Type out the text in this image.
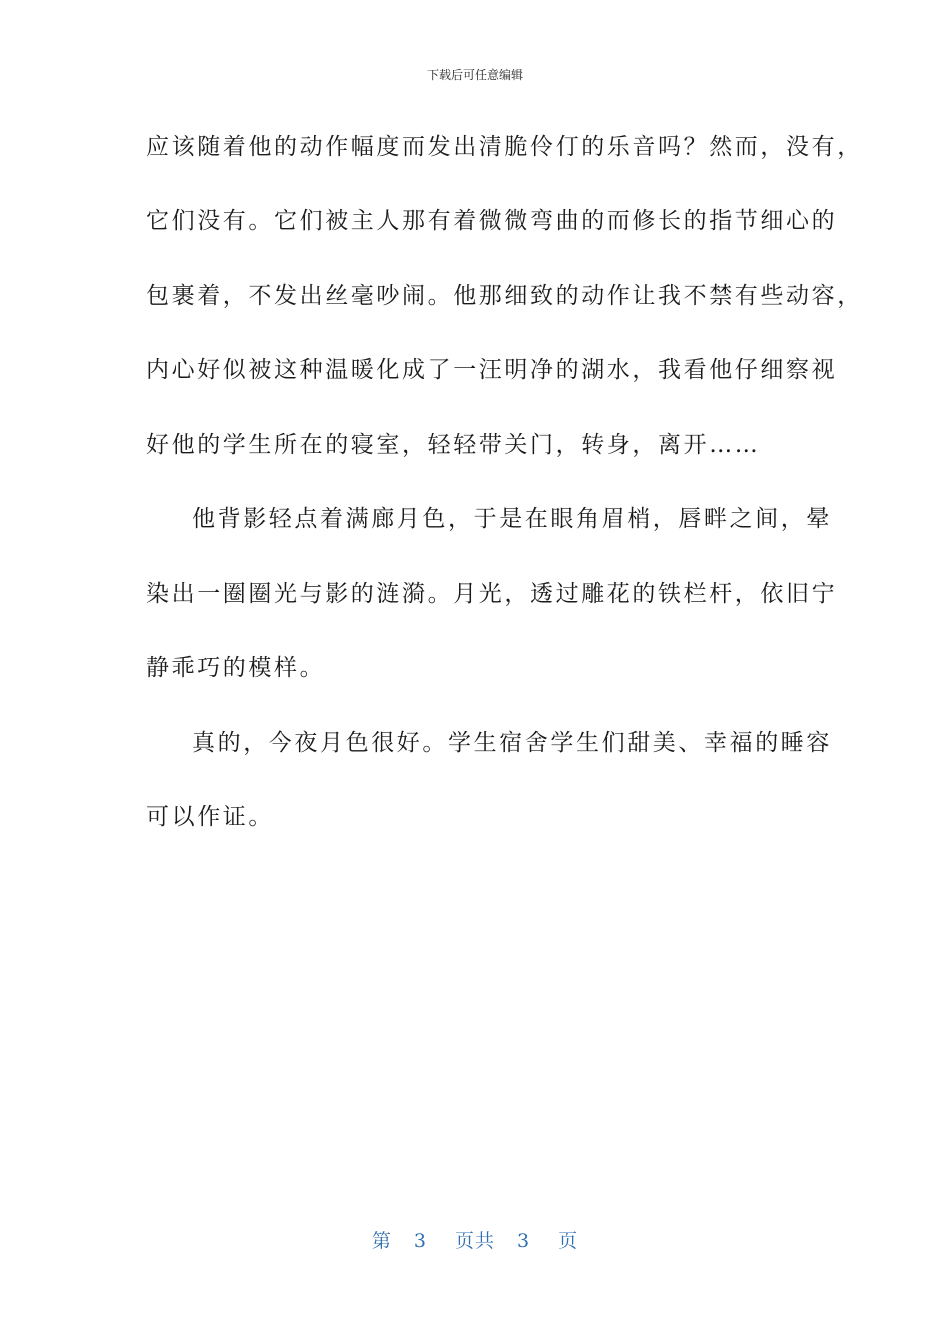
下载后可任意编辑
应该随着他的动作幅度而发出清脆伶仃的乐音吗？然而，没有，
它们没有。它们被主人那有着微微弯曲的而修长的指节细心的
包裹着，不发出丝毫吵闹。他那细致的动作让我不禁有些动容，
内心好似被这种温暖化成了一汪明净的湖水，我看他仔细察视
好他的学生所在的寝室，轻轻带关门，转身，离开……
他背影轻点着满廊月色，于是在眼角眉梢，唇畔之间，晕
染出一圈圈光与影的涟漪。月光，透过雕花的铁栏杆，依旧宁
静乖巧的模样。
真的，今夜月色很好。学生宿舍学生们甜美、幸福的睡容
可以作证。
第 3 页共 3 页
